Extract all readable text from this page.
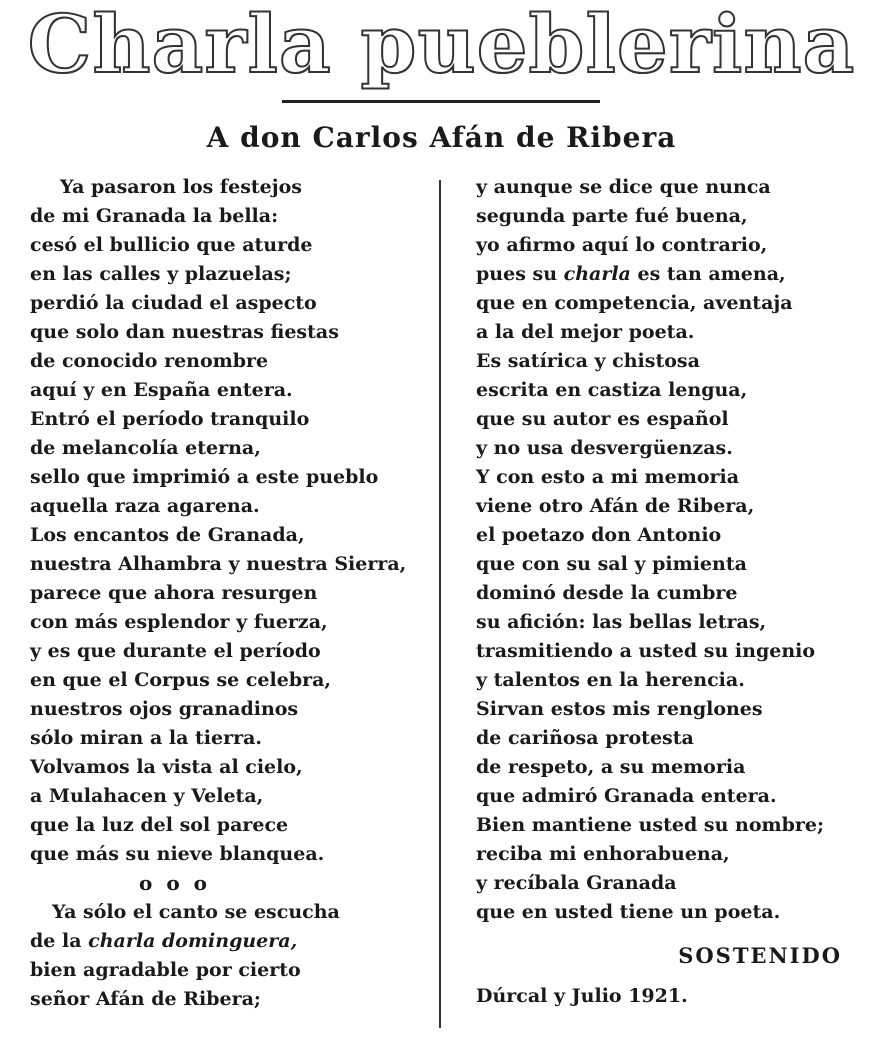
Charla pueblerina
A don Carlos Afán de Ribera
Ya pasaron los festejos
de mi Granada la bella:
cesó el bullicio que aturde
en las calles y plazuelas;
perdió la ciudad el aspecto
que solo dan nuestras fiestas
de conocido renombre
aquí y en España entera.
Entró el período tranquilo
de melancolía eterna,
sello que imprimió a este pueblo
aquella raza agarena.
Los encantos de Granada,
nuestra Alhambra y nuestra Sierra,
parece que ahora resurgen
con más esplendor y fuerza,
y es que durante el período
en que el Corpus se celebra,
nuestros ojos granadinos
sólo miran a la tierra.
Volvamos la vista al cielo,
a Mulahacen y Veleta,
que la luz del sol parece
que más su nieve blanquea.
ooo
Ya sólo el canto se escucha
de la charla dominguera,
bien agradable por cierto
señor Afán de Ribera;
y aunque se dice que nunca
segunda parte fué buena,
yo afirmo aquí lo contrario,
pues su charla es tan amena,
que en competencia, aventaja
a la del mejor poeta.
Es satírica y chistosa
escrita en castiza lengua,
que su autor es español
y no usa desvergüenzas.
Y con esto a mi memoria
viene otro Afán de Ribera,
el poetazo don Antonio
que con su sal y pimienta
dominó desde la cumbre
su afición: las bellas letras,
trasmitiendo a usted su ingenio
y talentos en la herencia.
Sirvan estos mis renglones
de cariñosa protesta
de respeto, a su memoria
que admiró Granada entera.
Bien mantiene usted su nombre;
reciba mi enhorabuena,
y recíbala Granada
que en usted tiene un poeta.
SOSTENIDO
Dúrcal y Julio 1921.
